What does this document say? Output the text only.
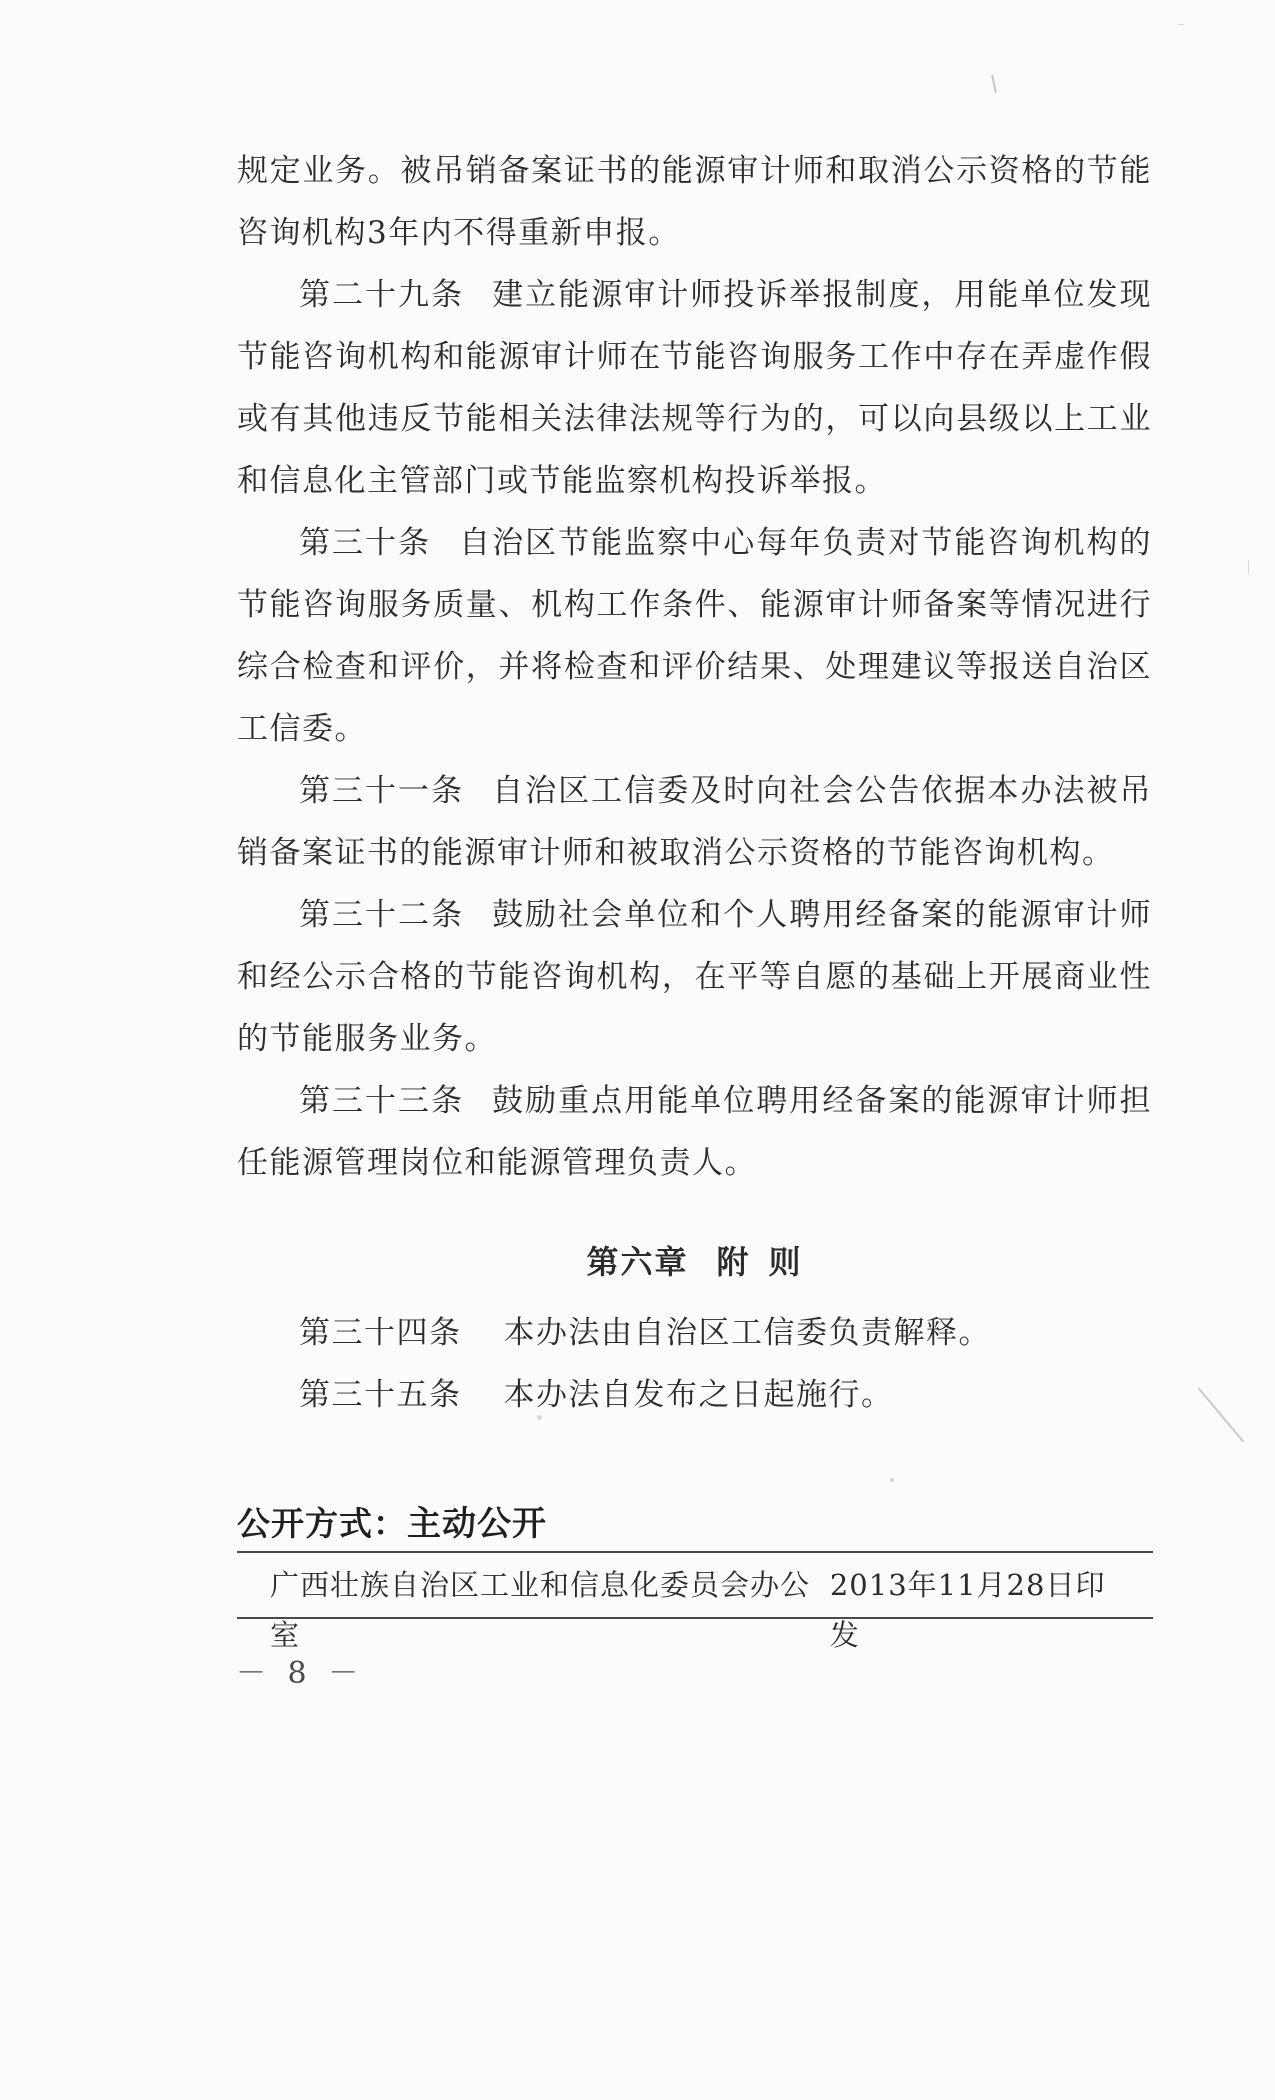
规定业务。被吊销备案证书的能源审计师和取消公示资格的节能咨询机构3年内不得重新申报。

第二十九条 建立能源审计师投诉举报制度，用能单位发现节能咨询机构和能源审计师在节能咨询服务工作中存在弄虚作假或有其他违反节能相关法律法规等行为的，可以向县级以上工业和信息化主管部门或节能监察机构投诉举报。

第三十条 自治区节能监察中心每年负责对节能咨询机构的节能咨询服务质量、机构工作条件、能源审计师备案等情况进行综合检查和评价，并将检查和评价结果、处理建议等报送自治区工信委。

第三十一条 自治区工信委及时向社会公告依据本办法被吊销备案证书的能源审计师和被取消公示资格的节能咨询机构。

第三十二条 鼓励社会单位和个人聘用经备案的能源审计师和经公示合格的节能咨询机构，在平等自愿的基础上开展商业性的节能服务业务。

第三十三条 鼓励重点用能单位聘用经备案的能源审计师担任能源管理岗位和能源管理负责人。

第六章 附 则

第三十四条 本办法由自治区工信委负责解释。

第三十五条 本办法自发布之日起施行。

公开方式：主动公开
广西壮族自治区工业和信息化委员会办公室
2013年11月28日印发
－ 8 －
